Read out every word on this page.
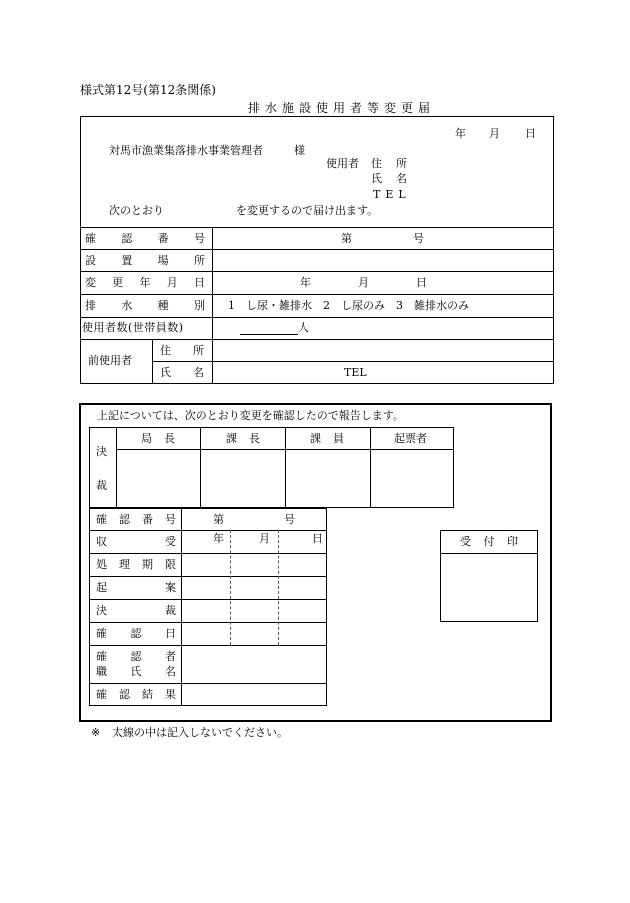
様式第12号(第12条関係)
排水施設使用者等変更届
年 月 日
対馬市漁業集落排水事業管理者	様
使用者 住 所
氏 名
TEL
次のとおり	を変更するので届け出ます。
確 認 番 号	第	号
設 置 場 所
変 更 年 月 日	年	月	日
排 水 種 別 1　し尿・雑排水　2　し尿のみ　3　雑排水のみ
使用者数(世帯員数)	人
前使用者
住 所
氏 名	TEL
上記については、次のとおり変更を確認したので報告します。
決
裁
局 長	課 長	課 員	起票者
確 認 番 号	第	号
収	受	年	月	日
処 理 期 限
起	案
決	裁
確 認 日
確 認 者
職 氏 名
確 認 結 果
受 付 印
※ 太線の中は記入しないでください。
